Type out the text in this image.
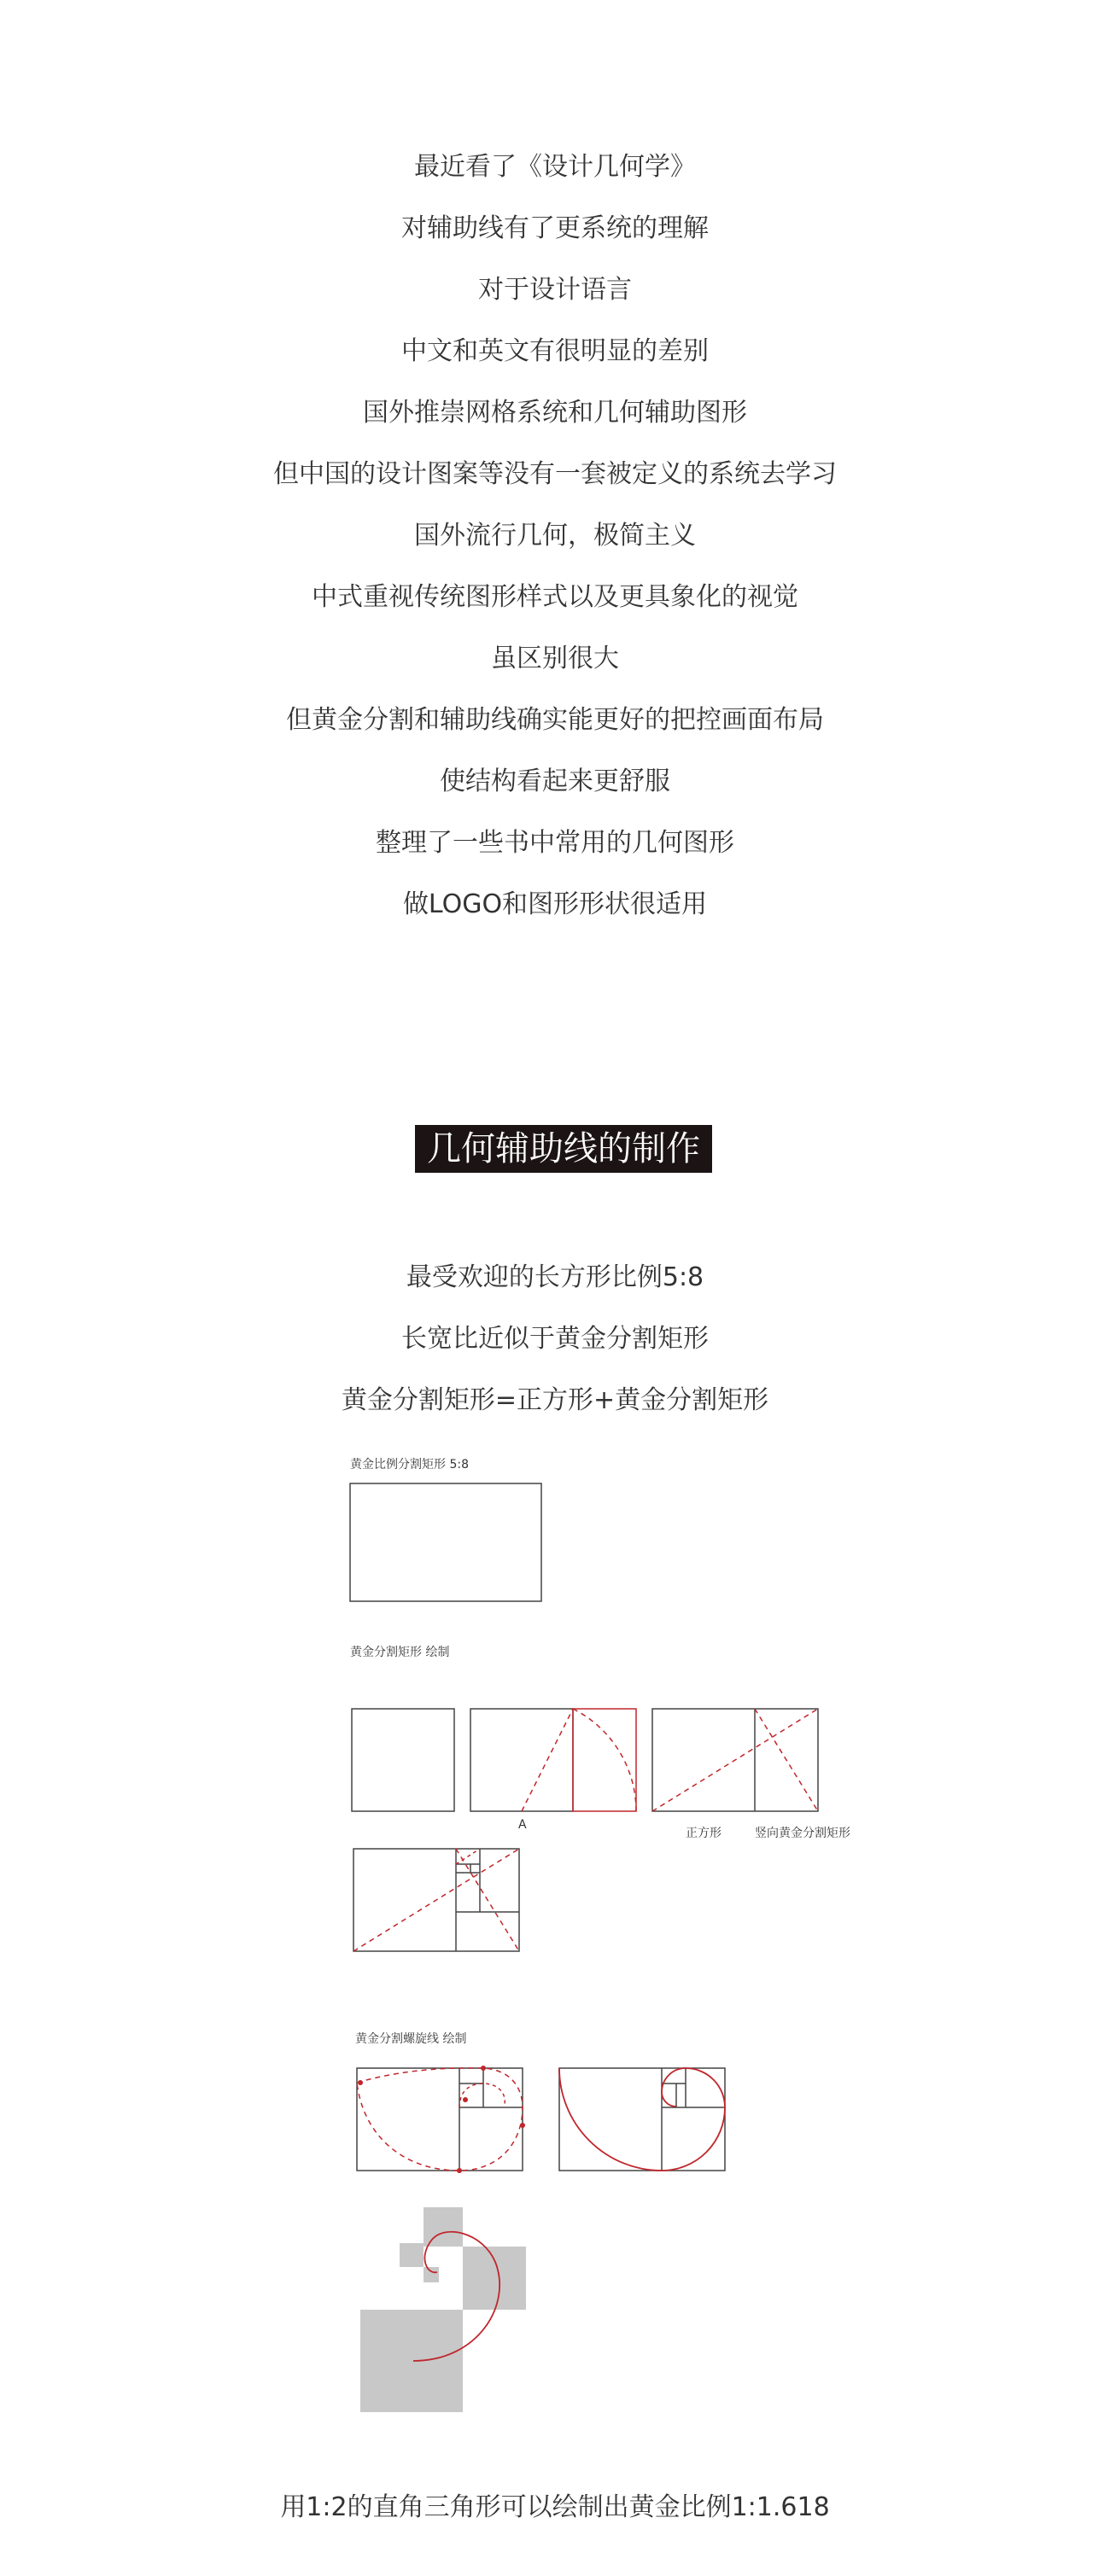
最近看了《设计几何学》

对辅助线有了更系统的理解

对于设计语言

中文和英文有很明显的差别

国外推崇网格系统和几何辅助图形

但中国的设计图案等没有一套被定义的系统去学习

国外流行几何，极简主义

中式重视传统图形样式以及更具象化的视觉

虽区别很大

但黄金分割和辅助线确实能更好的把控画面布局

使结构看起来更舒服

整理了一些书中常用的几何图形

做LOGO和图形形状很适用

几何辅助线的制作

最受欢迎的长方形比例5:8

长宽比近似于黄金分割矩形

黄金分割矩形=正方形+黄金分割矩形

黄金比例分割矩形 5:8
黄金分割矩形 绘制
A
正方形	竖向黄金分割矩形
黄金分割螺旋线 绘制

用1:2的直角三角形可以绘制出黄金比例1:1.618
